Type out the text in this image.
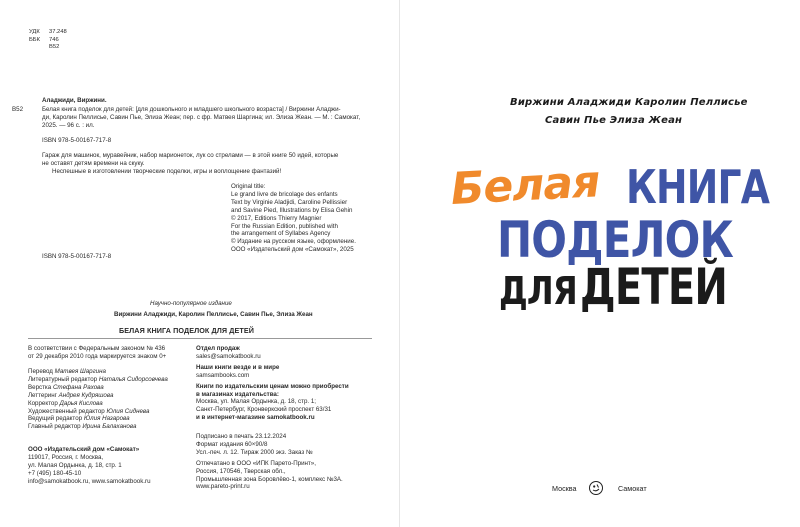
УДК 37.248
ББК 746
В52
Аладжиди, Виржини.
В52	Белая книга поделок для детей: [для дошкольного и младшего школьного возраста] / Виржини Аладжи-
ди, Каролин Пеллисье, Савин Пье, Элиза Жеан; пер. с фр. Матвея Шаргина; ил. Элиза Жеан. — М. : Самокат,
2025. — 96 с. : ил.
ISBN 978-5-00167-717-8
Гараж для машинок, муравейник, набор марионеток, лук со стрелами — в этой книге 50 идей, которые
не оставят детям времени на скуку.
Неспешные в изготовлении творческие поделки, игры и воплощение фантазий!
Original title:
Le grand livre de bricolage des enfants
Text by Virginie Aladjidi, Caroline Pellissier
and Savine Pied, Illustrations by Elisa Gehin
© 2017, Editions Thierry Magnier
For the Russian Edition, published with
the arrangement of Syllabes Agency
© Издание на русском языке, оформление.
ООО «Издательский дом «Самокат», 2025
ISBN 978-5-00167-717-8
Научно-популярное издание
Виржини Аладжиди, Каролин Пеллисье, Савин Пье, Элиза Жеан
БЕЛАЯ КНИГА ПОДЕЛОК ДЛЯ ДЕТЕЙ
В соответствии с Федеральным законом № 436
от 29 декабря 2010 года маркируется знаком 0+
Перевод Матвея Шаргина
Литературный редактор Наталья Сидорсовчева
Верстка Стефана Рахова
Леттеринг Андрея Кудряшова
Корректор Дарья Кислова
Художественный редактор Юлия Сиднева
Ведущий редактор Юлия Назарова
Главный редактор Ирина Балаханова
ООО «Издательский дом «Самокат»
119017, Россия, г. Москва,
ул. Малая Ордынка, д. 18, стр. 1
+7 (495) 180-45-10
info@samokatbook.ru, www.samokatbook.ru
Отдел продаж
sales@samokatbook.ru
Наши книги везде и в мире
samsambooks.com
Книги по издательским ценам можно приобрести
в магазинах издательства:
Москва, ул. Малая Ордынка, д. 18, стр. 1;
Санкт-Петербург, Кронверкский проспект 63/31
и в интернет-магазине samokatbook.ru
Подписано в печать 23.12.2024
Формат издания 60×90/8
Усл.-печ. л. 12. Тираж 2000 экз. Заказ №
Отпечатано в ООО «ИПК Парето-Принт»,
Россия, 170546, Тверская обл.,
Промышленная зона Боровлёво-1, комплекс №3А.
www.pareto-print.ru
Виржини Аладжиди Каролин Пеллисье
Савин Пье Элиза Жеан
Белая КНИГА
ПОДЕЛОК
ДЛЯ ДЕТЕЙ
Москва	Самокат
